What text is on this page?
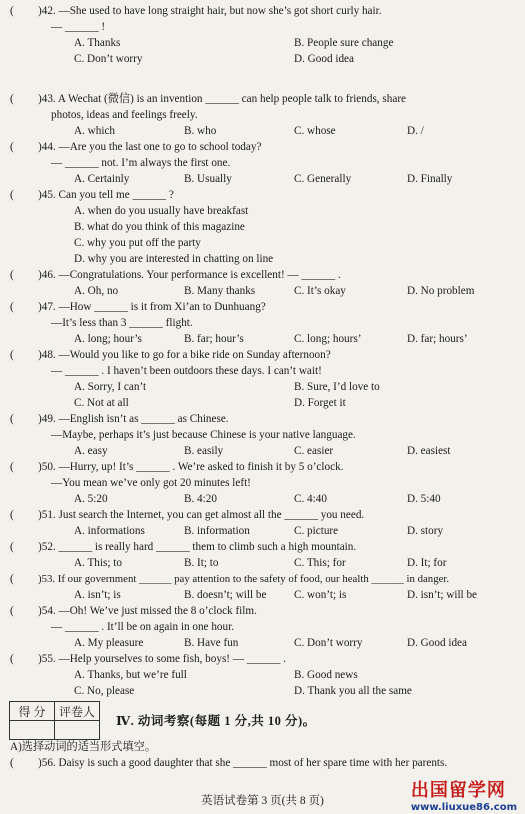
( )42. —She used to have long straight hair, but now she’s got short curly hair.
— ______ !
A. Thanks	B. People sure change
C. Don’t worry	D. Good idea
( )43. A Wechat (微信) is an invention ______ can help people talk to friends, share
photos, ideas and feelings freely.
A. which	B. who	C. whose	D. /
( )44. —Are you the last one to go to school today?
— ______ not. I’m always the first one.
A. Certainly	B. Usually	C. Generally	D. Finally
( )45. Can you tell me ______ ?
A. when do you usually have breakfast
B. what do you think of this magazine
C. why you put off the party
D. why you are interested in chatting on line
( )46. —Congratulations. Your performance is excellent! — ______ .
A. Oh, no	B. Many thanks	C. It’s okay	D. No problem
( )47. —How ______ is it from Xi’an to Dunhuang?
—It’s less than 3 ______ flight.
A. long; hour’s	B. far; hour’s	C. long; hours’	D. far; hours’
( )48. —Would you like to go for a bike ride on Sunday afternoon?
— ______ . I haven’t been outdoors these days. I can’t wait!
A. Sorry, I can’t	B. Sure, I’d love to
C. Not at all	D. Forget it
( )49. —English isn’t as ______ as Chinese.
—Maybe, perhaps it’s just because Chinese is your native language.
A. easy	B. easily	C. easier	D. easiest
( )50. —Hurry, up! It’s ______ . We’re asked to finish it by 5 o’clock.
—You mean we’ve only got 20 minutes left!
A. 5:20	B. 4:20	C. 4:40	D. 5:40
( )51. Just search the Internet, you can get almost all the ______ you need.
A. informations	B. information	C. picture	D. story
( )52. ______ is really hard ______ them to climb such a high mountain.
A. This; to	B. It; to	C. This; for	D. It; for
( )53. If our government ______ pay attention to the safety of food, our health ______ in danger.
A. isn’t; is	B. doesn’t; will be C. won’t; is	D. isn’t; will be
( )54. —Oh! We’ve just missed the 8 o’clock film.
— ______ . It’ll be on again in one hour.
A. My pleasure	B. Have fun	C. Don’t worry	D. Good idea
( )55. —Help yourselves to some fish, boys! — ______ .
A. Thanks, but we’re full	B. Good news
C. No, please	D. Thank you all the same
得 分	评卷人

Ⅳ. 动词考察(每题 1 分,共 10 分)。
A)选择动词的适当形式填空。
( )56. Daisy is such a good daughter that she ______ most of her spare time with her parents.
英语试卷第 3 页(共 8 页)	出国留学网
www.liuxue86.com
